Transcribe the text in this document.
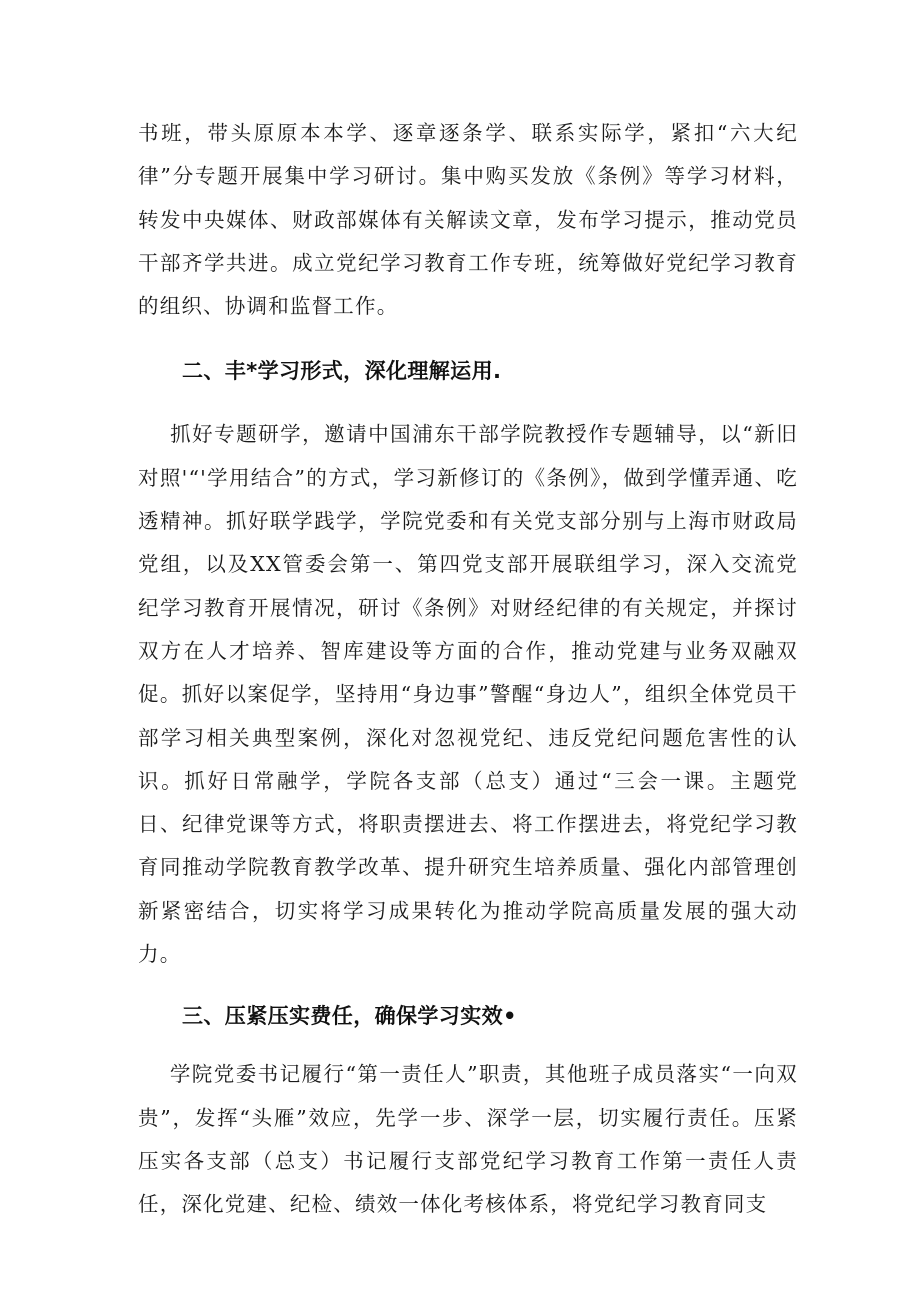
书班，带头原原本本学、逐章逐条学、联系实际学，紧扣“六大纪律”分专题开展集中学习研讨。集中购买发放《条例》等学习材料，转发中央媒体、财政部媒体有关解读文章，发布学习提示，推动党员干部齐学共进。成立党纪学习教育工作专班，统筹做好党纪学习教育的组织、协调和监督工作。

二、丰*学习形式，深化理解运用.

抓好专题研学，邀请中国浦东干部学院教授作专题辅导，以“新旧对照'“'学用结合”的方式，学习新修订的《条例》，做到学懂弄通、吃透精神。抓好联学践学，学院党委和有关党支部分别与上海市财政局党组，以及XX管委会第一、第四党支部开展联组学习，深入交流党纪学习教育开展情况，研讨《条例》对财经纪律的有关规定，并探讨双方在人才培养、智库建设等方面的合作，推动党建与业务双融双促。抓好以案促学，坚持用“身边事”警醒“身边人”，组织全体党员干部学习相关典型案例，深化对忽视党纪、违反党纪问题危害性的认识。抓好日常融学，学院各支部（总支）通过“三会一课。主题党日、纪律党课等方式，将职责摆进去、将工作摆进去，将党纪学习教育同推动学院教育教学改革、提升研究生培养质量、强化内部管理创新紧密结合，切实将学习成果转化为推动学院高质量发展的强大动力。

三、压紧压实费任，确保学习实效•

学院党委书记履行“第一责任人”职责，其他班子成员落实“一向双贵”，发挥“头雁”效应，先学一步、深学一层，切实履行责任。压紧压实各支部（总支）书记履行支部党纪学习教育工作第一责任人责任，深化党建、纪检、绩效一体化考核体系，将党纪学习教育同支
